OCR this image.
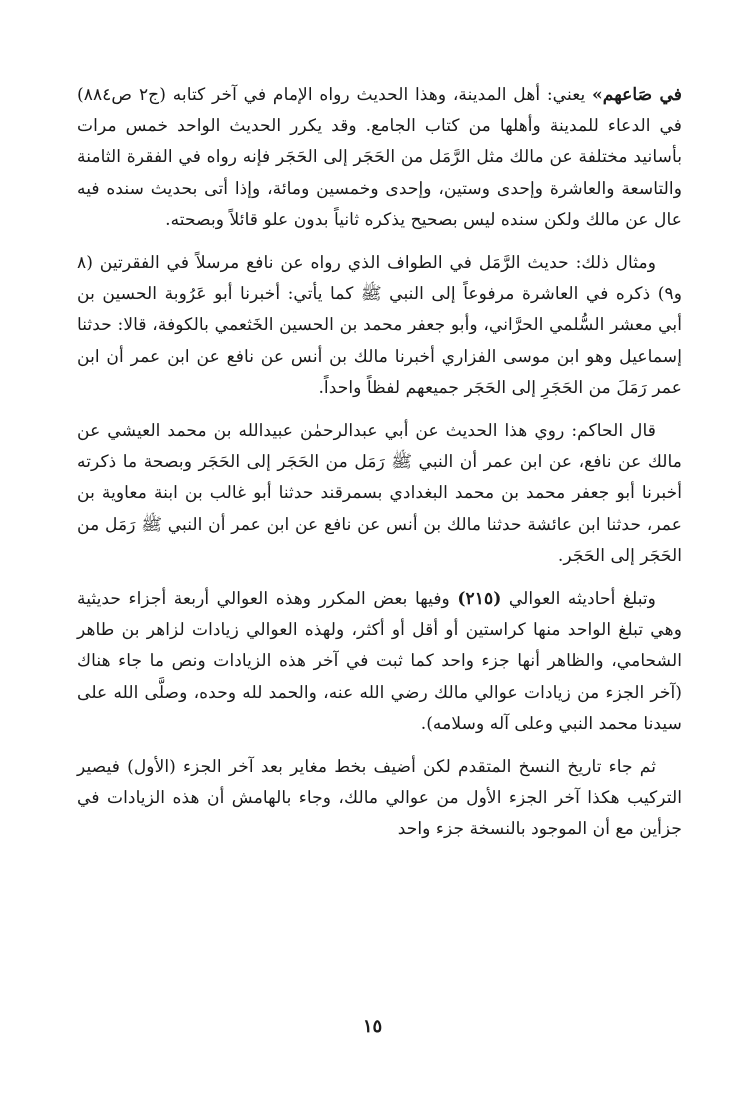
في صَاعهم» يعني: أهل المدينة، وهذا الحديث رواه الإمام في آخر كتابه (ج٢ ص٨٨٤) في الدعاء للمدينة وأهلها من كتاب الجامع. وقد يكرر الحديث الواحد خمس مرات بأسانيد مختلفة عن مالك مثل الرَّمَل من الحَجَر إلى الحَجَر فإنه رواه في الفقرة الثامنة والتاسعة والعاشرة وإحدى وستين، وإحدى وخمسين ومائة، وإذا أتى بحديث سنده فيه عال عن مالك ولكن سنده ليس بصحيح يذكره ثانياً بدون علو قائلاً وبصحته.

ومثال ذلك: حديث الرَّمَل في الطواف الذي رواه عن نافع مرسلاً في الفقرتين (٨ و٩) ذكره في العاشرة مرفوعاً إلى النبي ﷺ كما يأتي: أخبرنا أبو عَرُوبة الحسين بن أبي معشر السُّلمي الحرَّاني، وأبو جعفر محمد بن الحسين الخَثعمي بالكوفة، قالا: حدثنا إسماعيل وهو ابن موسى الفزاري أخبرنا مالك بن أنس عن نافع عن ابن عمر أن ابن عمر رَمَلَ من الحَجَرِ إلى الحَجَر جميعهم لفظاً واحداً.

قال الحاكم: روي هذا الحديث عن أبي عبدالرحمٰن عبيدالله بن محمد العيشي عن مالك عن نافع، عن ابن عمر أن النبي ﷺ رَمَل من الحَجَر إلى الحَجَر وبصحة ما ذكرته أخبرنا أبو جعفر محمد بن محمد البغدادي بسمرقند حدثنا أبو غالب بن ابنة معاوية بن عمر، حدثنا ابن عائشة حدثنا مالك بن أنس عن نافع عن ابن عمر أن النبي ﷺ رَمَل من الحَجَر إلى الحَجَر.

وتبلغ أحاديثه العوالي (٢١٥) وفيها بعض المكرر وهذه العوالي أربعة أجزاء حديثية وهي تبلغ الواحد منها كراستين أو أقل أو أكثر، ولهذه العوالي زيادات لزاهر بن طاهر الشحامي، والظاهر أنها جزء واحد كما ثبت في آخر هذه الزيادات ونص ما جاء هناك (آخر الجزء من زيادات عوالي مالك رضي الله عنه، والحمد لله وحده، وصلَّى الله على سيدنا محمد النبي وعلى آله وسلامه).

ثم جاء تاريخ النسخ المتقدم لكن أضيف بخط مغاير بعد آخر الجزء (الأول) فيصير التركيب هكذا آخر الجزء الأول من عوالي مالك، وجاء بالهامش أن هذه الزيادات في جزأين مع أن الموجود بالنسخة جزء واحد

١٥
